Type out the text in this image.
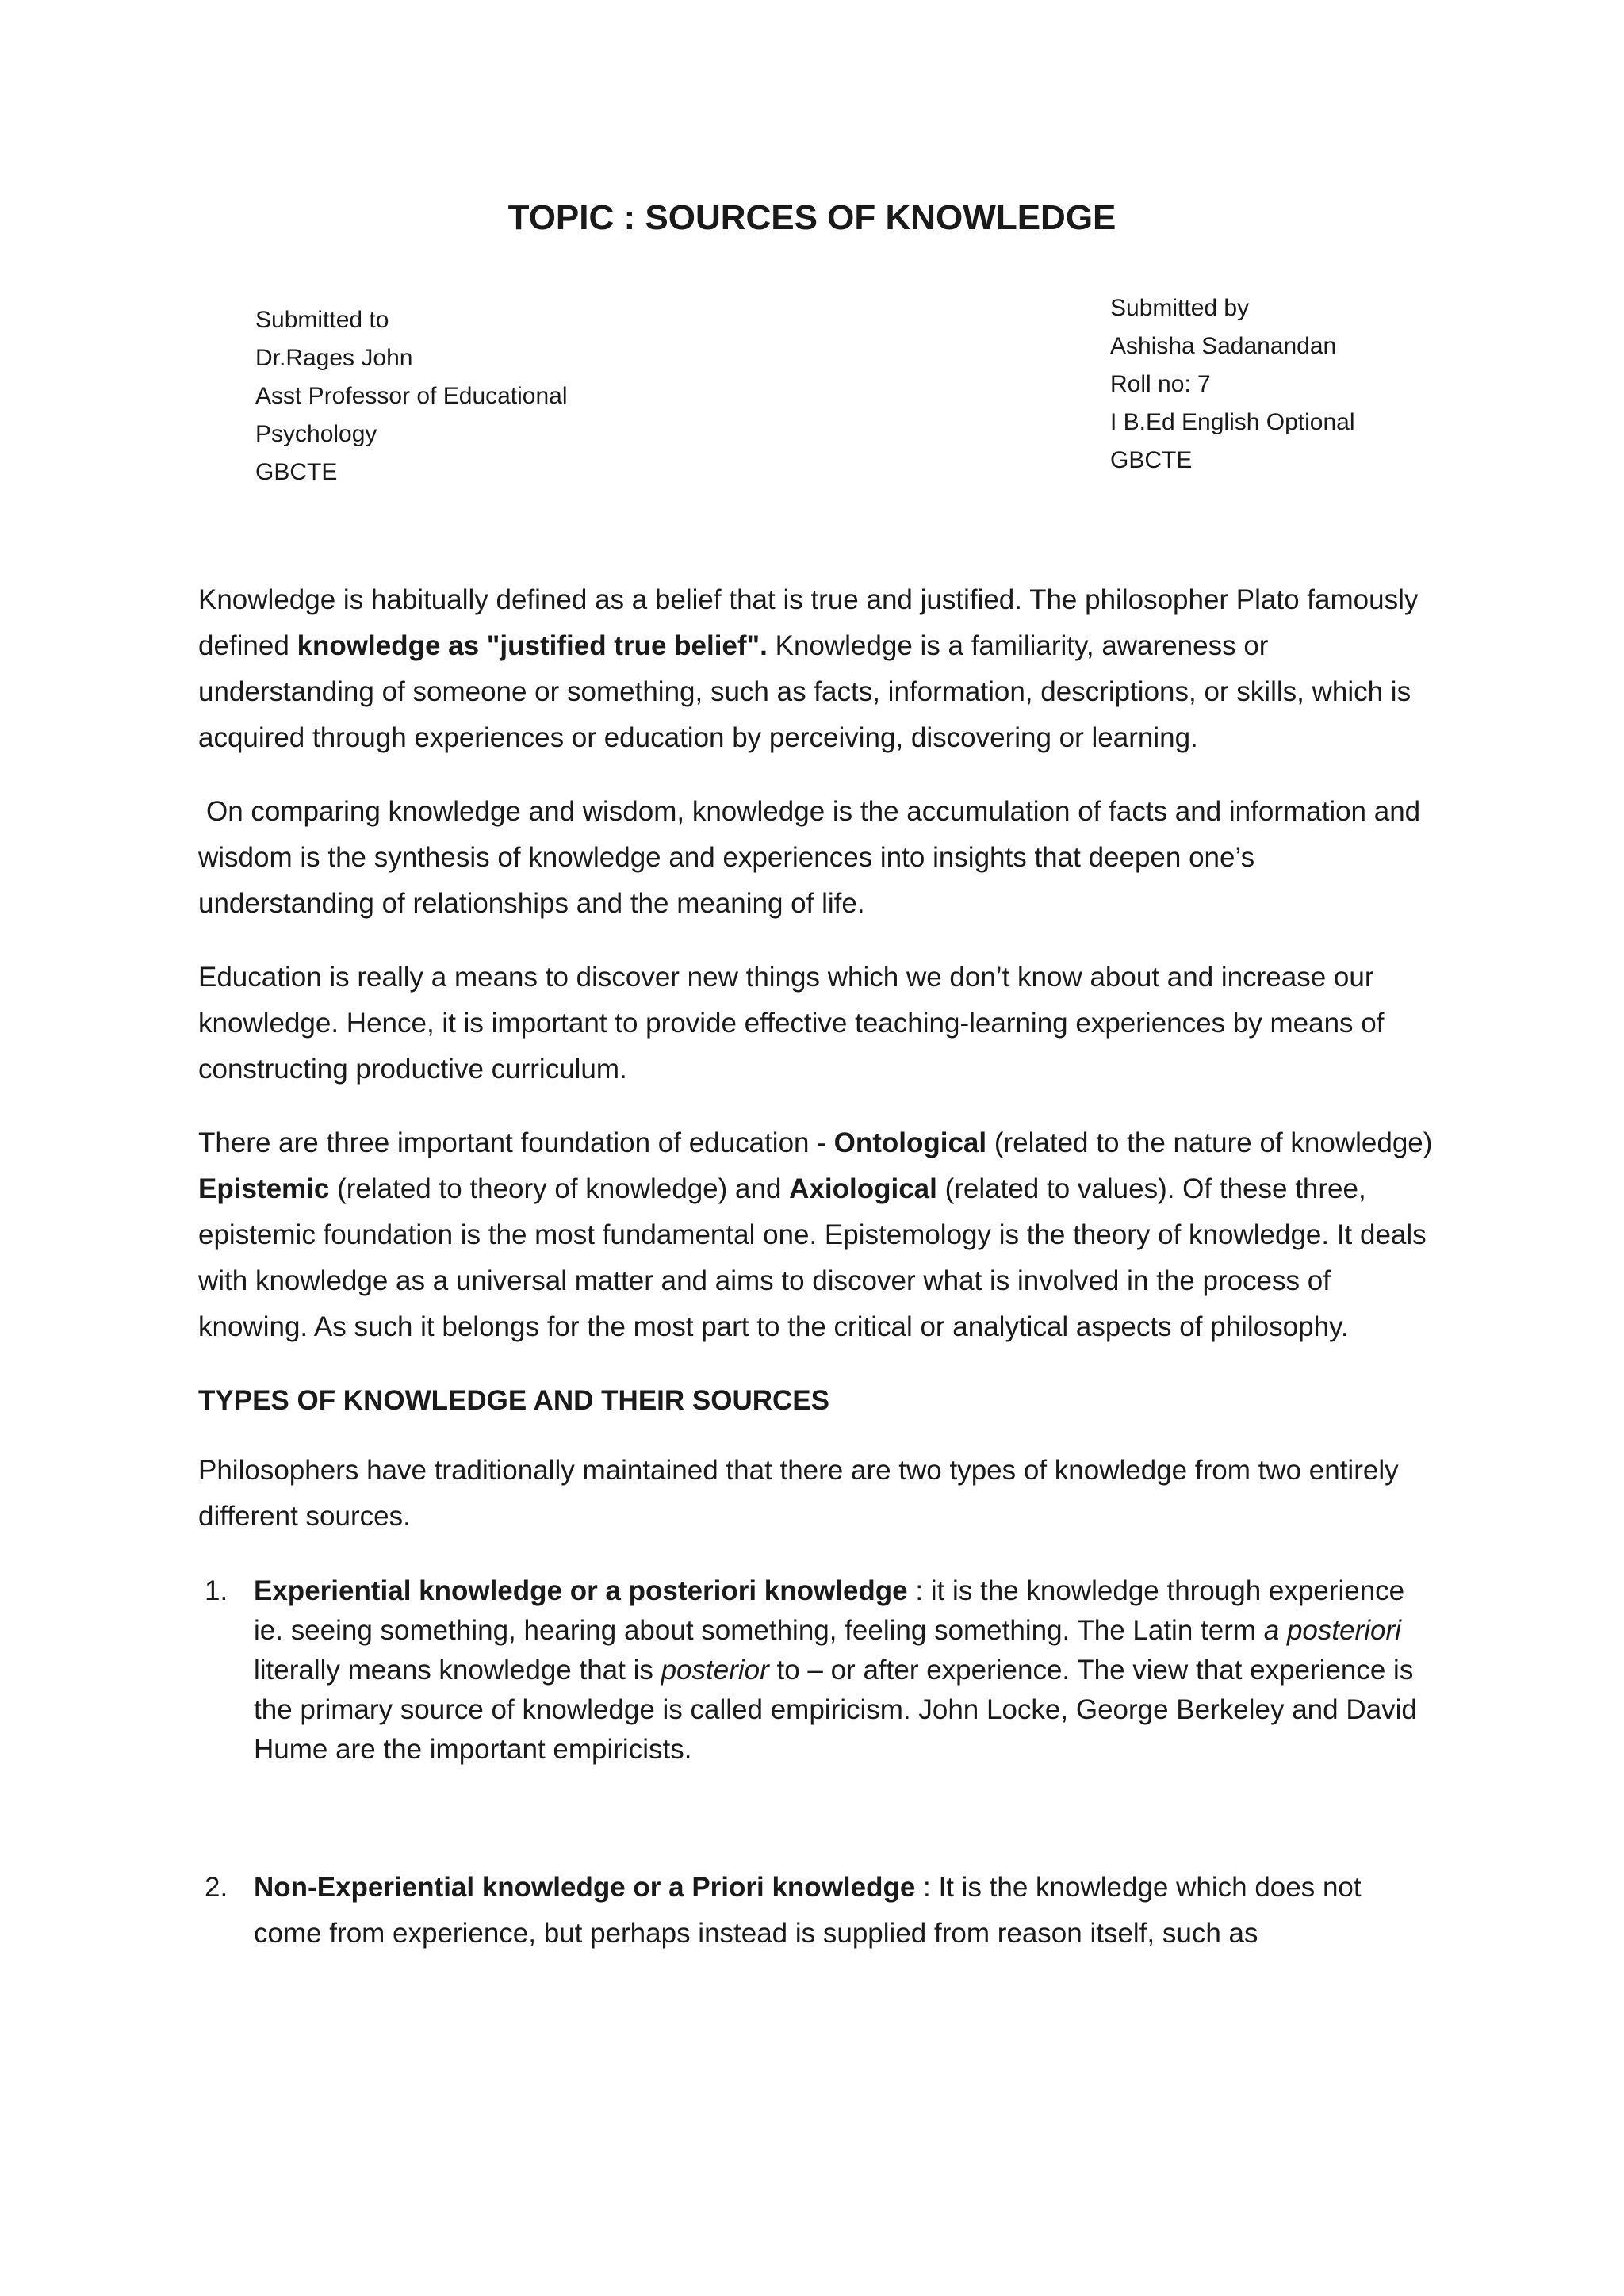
TOPIC : SOURCES OF KNOWLEDGE
Submitted to
Dr.Rages John
Asst Professor of Educational
Psychology
GBCTE
Submitted by
Ashisha Sadanandan
Roll no: 7
I B.Ed English Optional
GBCTE

Knowledge is habitually defined as a belief that is true and justified. The philosopher Plato famously defined knowledge as "justified true belief". Knowledge is a familiarity, awareness or understanding of someone or something, such as facts, information, descriptions, or skills, which is acquired through experiences or education by perceiving, discovering or learning.

On comparing knowledge and wisdom, knowledge is the accumulation of facts and information and wisdom is the synthesis of knowledge and experiences into insights that deepen one’s understanding of relationships and the meaning of life.

Education is really a means to discover new things which we don’t know about and increase our knowledge. Hence, it is important to provide effective teaching-learning experiences by means of constructing productive curriculum.

There are three important foundation of education - Ontological (related to the nature of knowledge) Epistemic (related to theory of knowledge) and Axiological (related to values). Of these three, epistemic foundation is the most fundamental one. Epistemology is the theory of knowledge. It deals with knowledge as a universal matter and aims to discover what is involved in the process of knowing. As such it belongs for the most part to the critical or analytical aspects of philosophy.

TYPES OF KNOWLEDGE AND THEIR SOURCES

Philosophers have traditionally maintained that there are two types of knowledge from two entirely different sources.

1. Experiential knowledge or a posteriori knowledge : it is the knowledge through experience ie. seeing something, hearing about something, feeling something. The Latin term a posteriori literally means knowledge that is posterior to – or after experience. The view that experience is the primary source of knowledge is called empiricism. John Locke, George Berkeley and David Hume are the important empiricists.
2. Non-Experiential knowledge or a Priori knowledge : It is the knowledge which does not come from experience, but perhaps instead is supplied from reason itself, such as
